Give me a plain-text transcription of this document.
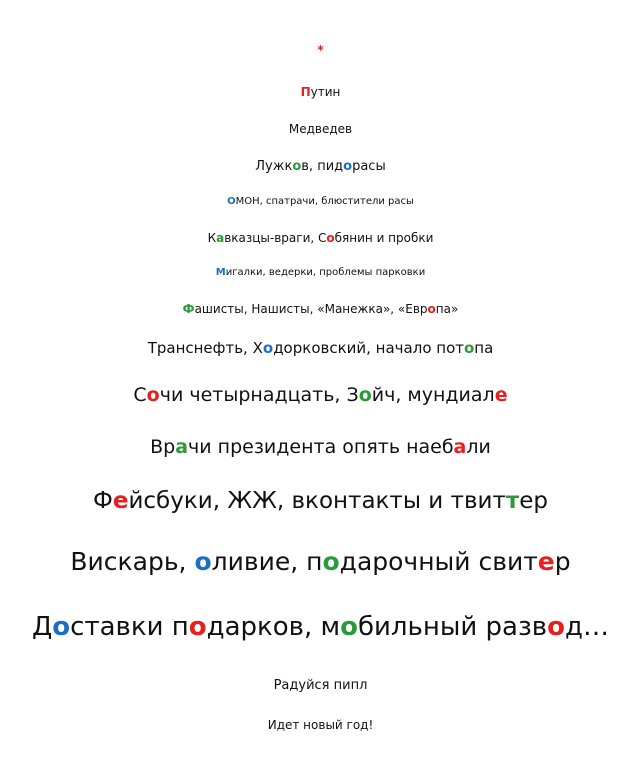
*
Путин
Медведев
Лужков, пидорасы
ОМОН, спатрачи, блюстители расы
Кавказцы-враги, Собянин и пробки
Мигалки, ведерки, проблемы парковки
Фашисты, Нашисты, «Манежка», «Европа»
Транснефть, Ходорковский, начало потопа
Сочи четырнадцать, Зойч, мундиале
Врачи президента опять наебали
Фейсбуки, ЖЖ, вконтакты и твиттер
Вискарь, оливие, подарочный свитер
Доставки подарков, мобильный развод…
Радуйся пипл
Идет новый год!
